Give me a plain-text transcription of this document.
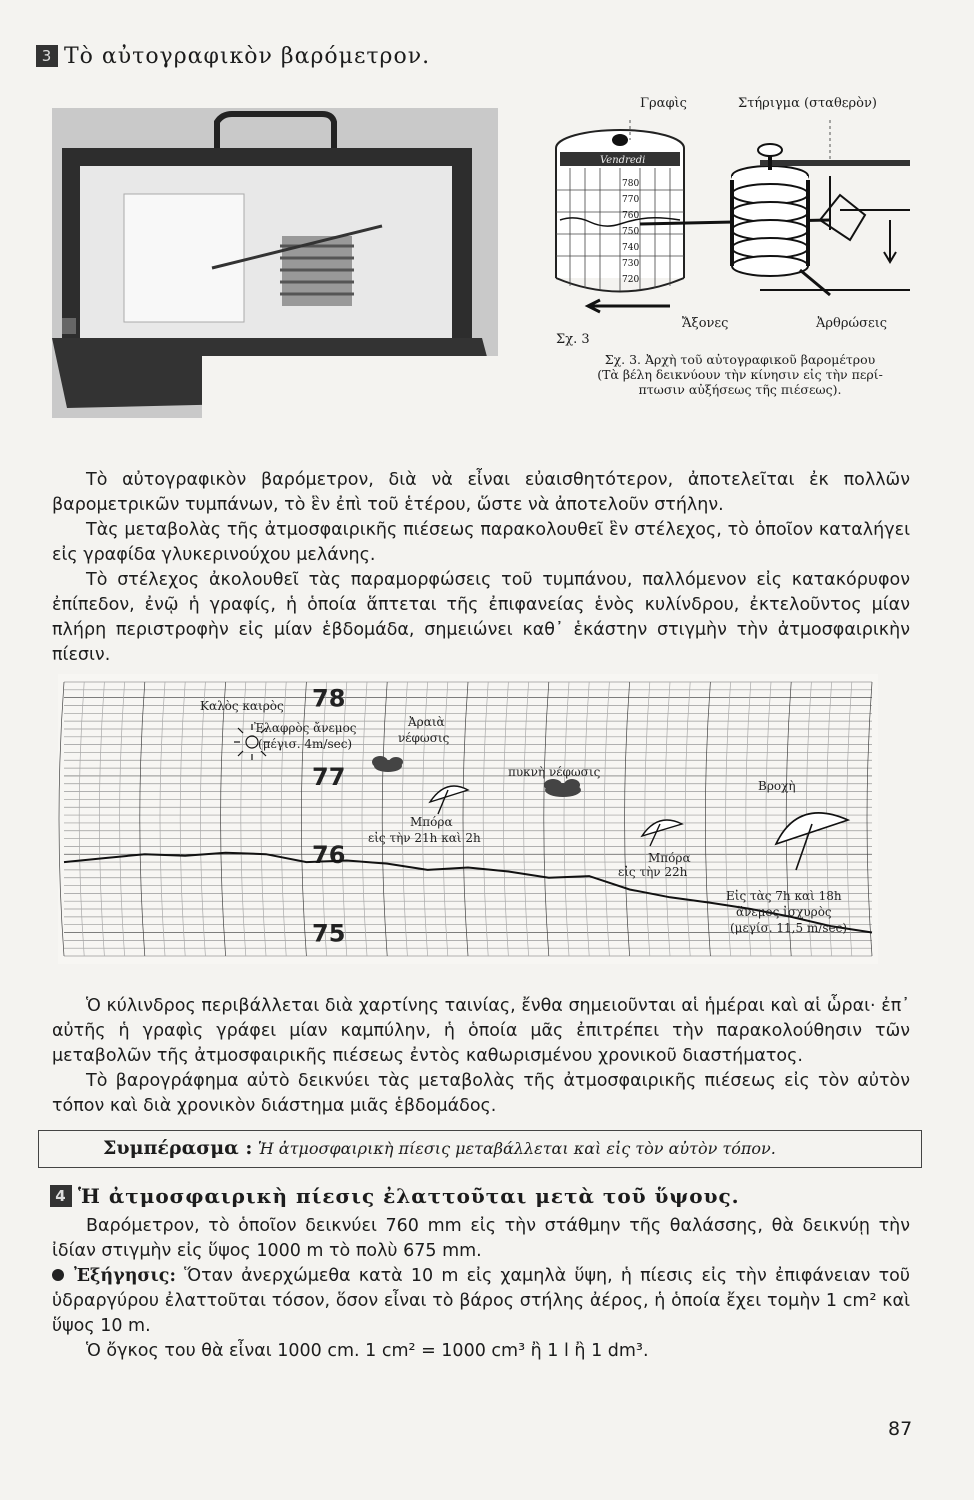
3 Τὸ αὐτογραφικὸν βαρόμετρον.
Γραφὶς	Στήριγμα (σταθερὸν)
Vendredi
780
770
760
750
740
730
720
Ἄξονες	Ἀρθρώσεις
Σχ. 3
Σχ. 3. Ἀρχὴ τοῦ αὐτογραφικοῦ βαρομέτρου
(Τὰ βέλη δεικνύουν τὴν κίνησιν εἰς τὴν περί-
πτωσιν αὐξήσεως τῆς πιέσεως).

Τὸ αὐτογραφικὸν βαρόμετρον, διὰ νὰ εἶναι εὐαισθητότερον, ἀποτελεῖται ἐκ πολλῶν βαρομετρικῶν τυμπάνων, τὸ ἓν ἐπὶ τοῦ ἑτέρου, ὥστε νὰ ἀποτελοῦν στήλην.

Τὰς μεταβολὰς τῆς ἀτμοσφαιρικῆς πιέσεως παρακολουθεῖ ἓν στέλεχος, τὸ ὁποῖον καταλήγει εἰς γραφίδα γλυκερινούχου μελάνης.

Τὸ στέλεχος ἀκολουθεῖ τὰς παραμορφώσεις τοῦ τυμπάνου, παλλόμενον εἰς κατακόρυφον ἐπίπεδον, ἐνῷ ἡ γραφίς, ἡ ὁποία ἅπτεται τῆς ἐπιφανείας ἑνὸς κυλίνδρου, ἐκτελοῦντος μίαν πλήρη περιστροφὴν εἰς μίαν ἑβδομάδα, σημειώνει καθ᾽ ἑκάστην στιγμὴν τὴν ἀτμοσφαιρικὴν πίεσιν.

78
77
76
75
Καλὸς καιρὸς
Ἐλαφρὸς ἄνεμος
(μέγισ. 4m/sec)
Ἀραιὰ
νέφωσις
πυκνὴ νέφωσις
Μπόρα
εἰς τὴν 21h καὶ 2h
Μπόρα
εἰς τὴν 22h
Βροχὴ
Εἰς τὰς 7h καὶ 18h
ἄνεμος ἰσχυρὸς
(μεγίσ. 11,5 m/sec)

Ὁ κύλινδρος περιβάλλεται διὰ χαρτίνης ταινίας, ἔνθα σημειοῦνται αἱ ἡμέραι καὶ αἱ ὧραι· ἐπ᾽ αὐτῆς ἡ γραφὶς γράφει μίαν καμπύλην, ἡ ὁποία μᾶς ἐπιτρέπει τὴν παρακολούθησιν τῶν μεταβολῶν τῆς ἀτμοσφαιρικῆς πιέσεως ἐντὸς καθωρισμένου χρονικοῦ διαστήματος.

Τὸ βαρογράφημα αὐτὸ δεικνύει τὰς μεταβολὰς τῆς ἀτμοσφαιρικῆς πιέσεως εἰς τὸν αὐτὸν τόπον καὶ διὰ χρονικὸν διάστημα μιᾶς ἑβδομάδος.

Συμπέρασμα : Ἡ ἀτμοσφαιρικὴ πίεσις μεταβάλλεται καὶ εἰς τὸν αὐτὸν τόπον.
4 Ἡ ἀτμοσφαιρικὴ πίεσις ἐλαττοῦται μετὰ τοῦ ὕψους.

Βαρόμετρον, τὸ ὁποῖον δεικνύει 760 mm εἰς τὴν στάθμην τῆς θαλάσσης, θὰ δεικνύῃ τὴν ἰδίαν στιγμὴν εἰς ὕψος 1000 m τὸ πολὺ 675 mm.

Ἐξήγησις: Ὅταν ἀνερχώμεθα κατὰ 10 m εἰς χαμηλὰ ὕψη, ἡ πίεσις εἰς τὴν ἐπιφάνειαν τοῦ ὑδραργύρου ἐλαττοῦται τόσον, ὅσον εἶναι τὸ βάρος στήλης ἀέρος, ἡ ὁποία ἔχει τομὴν 1 cm² καὶ ὕψος 10 m.

Ὁ ὄγκος του θὰ εἶναι 1000 cm. 1 cm² = 1000 cm³ ἢ 1 l ἢ 1 dm³.

87
